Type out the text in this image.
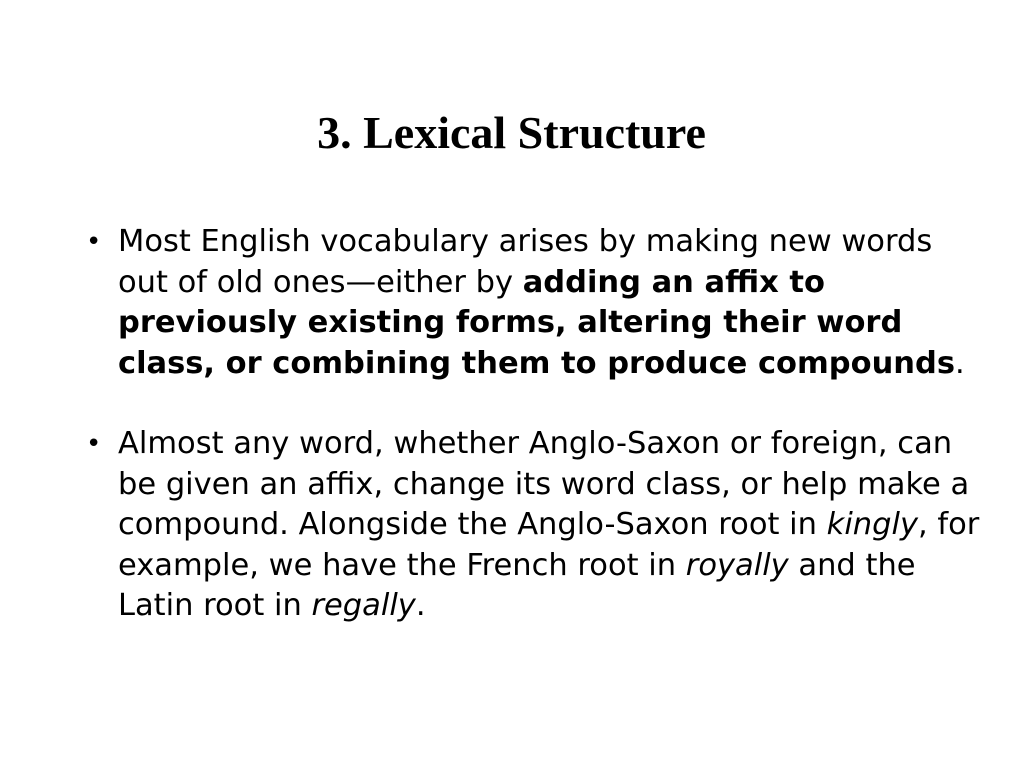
3. Lexical Structure
• Most English vocabulary arises by making new words out of old ones—either by adding an affix to previously existing forms, altering their word class, or combining them to produce compounds.
• Almost any word, whether Anglo-Saxon or foreign, can be given an affix, change its word class, or help make a compound. Alongside the Anglo-Saxon root in kingly, for example, we have the French root in royally and the Latin root in regally.
